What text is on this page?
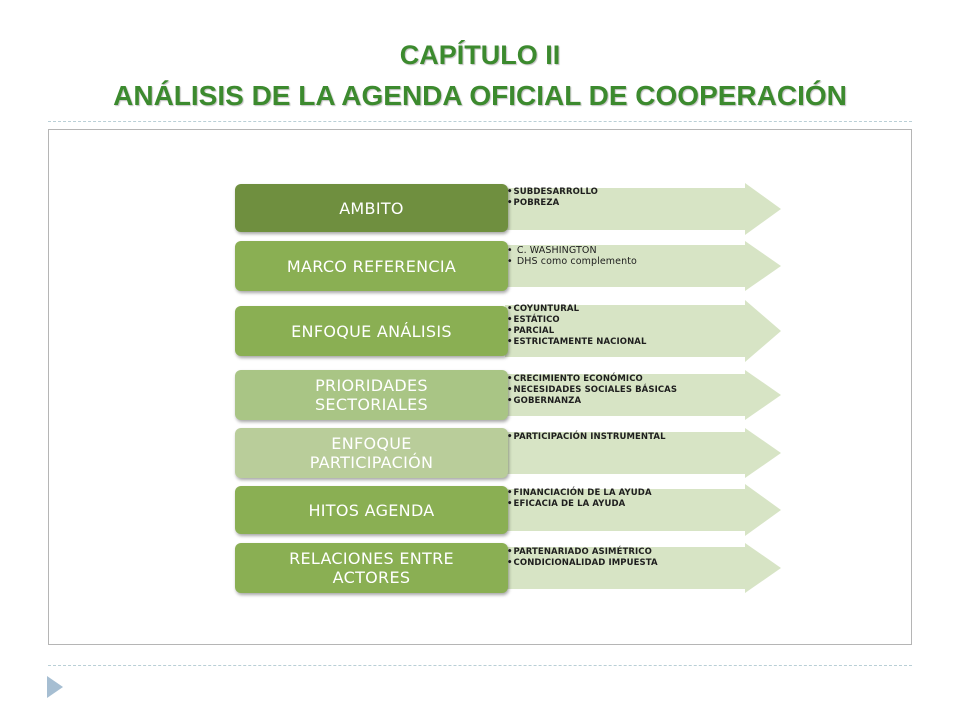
CAPÍTULO II
ANÁLISIS DE LA AGENDA OFICIAL DE COOPERACIÓN
• SUBDESARROLLO
• POBREZA
AMBITO
• C. WASHINGTON
• DHS como complemento
MARCO REFERENCIA
• COYUNTURAL
• ESTÁTICO
• PARCIAL
• ESTRICTAMENTE NACIONAL
ENFOQUE ANÁLISIS
• CRECIMIENTO ECONÓMICO
• NECESIDADES SOCIALES BÁSICAS
• GOBERNANZA
PRIORIDADES SECTORIALES
• PARTICIPACIÓN INSTRUMENTAL
ENFOQUE PARTICIPACIÓN
• FINANCIACIÓN DE LA AYUDA
• EFICACIA DE LA AYUDA
HITOS AGENDA
• PARTENARIADO ASIMÉTRICO
• CONDICIONALIDAD IMPUESTA
RELACIONES ENTRE ACTORES
